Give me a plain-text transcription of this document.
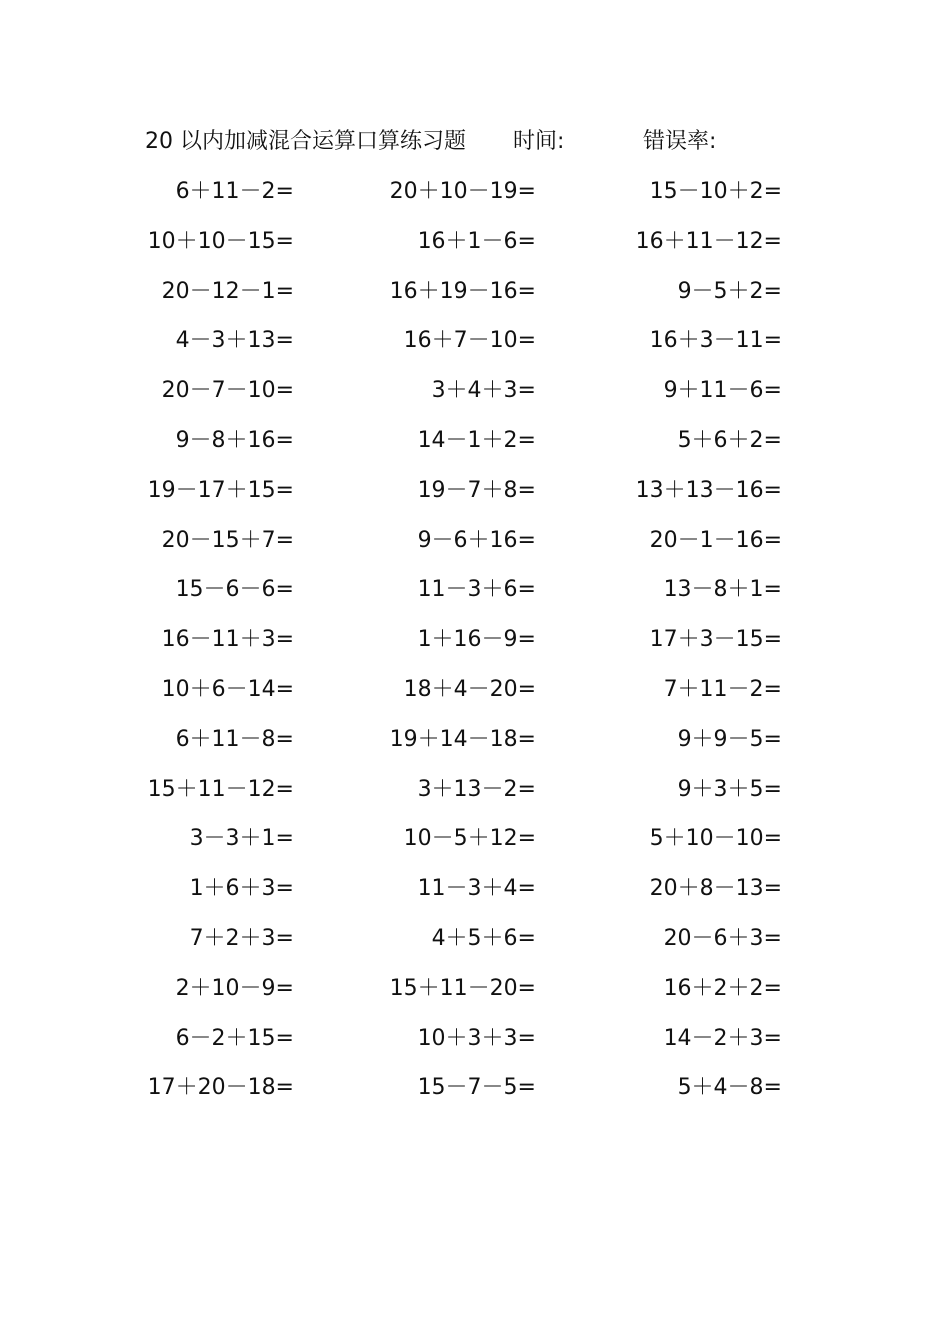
20 以内加减混合运算口算练习题 时间:	错误率:
6＋11－2=	20＋10－19=	15－10＋2=
10＋10－15=	16＋1－6=	16＋11－12=
20－12－1=	16＋19－16=	9－5＋2=
4－3＋13=	16＋7－10=	16＋3－11=
20－7－10=	3＋4＋3=	9＋11－6=
9－8＋16=	14－1＋2=	5＋6＋2=
19－17＋15=	19－7＋8=	13＋13－16=
20－15＋7=	9－6＋16=	20－1－16=
15－6－6=	11－3＋6=	13－8＋1=
16－11＋3=	1＋16－9=	17＋3－15=
10＋6－14=	18＋4－20=	7＋11－2=
6＋11－8=	19＋14－18=	9＋9－5=
15＋11－12=	3＋13－2=	9＋3＋5=
3－3＋1=	10－5＋12=	5＋10－10=
1＋6＋3=	11－3＋4=	20＋8－13=
7＋2＋3=	4＋5＋6=	20－6＋3=
2＋10－9=	15＋11－20=	16＋2＋2=
6－2＋15=	10＋3＋3=	14－2＋3=
17＋20－18=	15－7－5=	5＋4－8=
